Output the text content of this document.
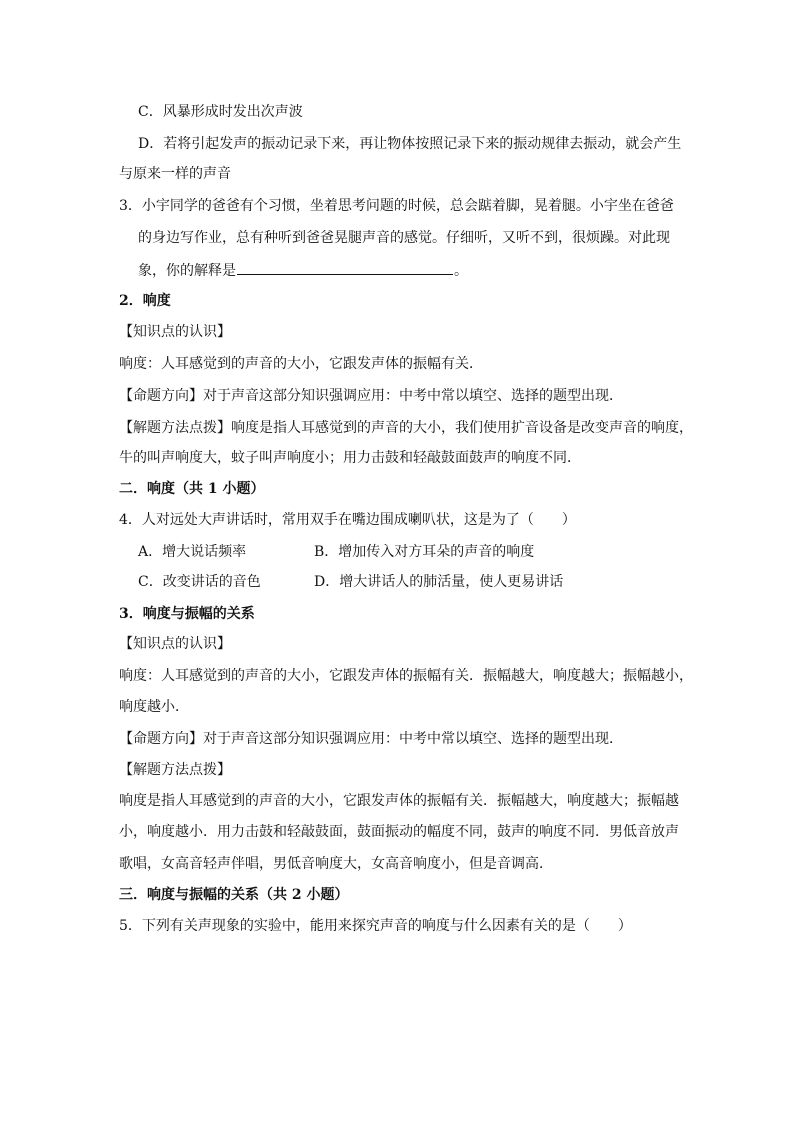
C．风暴形成时发出次声波
D．若将引起发声的振动记录下来，再让物体按照记录下来的振动规律去振动，就会产生
与原来一样的声音
3．小宇同学的爸爸有个习惯，坐着思考问题的时候，总会踮着脚，晃着腿。小宇坐在爸爸
的身边写作业，总有种听到爸爸晃腿声音的感觉。仔细听，又听不到，很烦躁。对此现
象，你的解释是	。
2．响度
【知识点的认识】
响度：人耳感觉到的声音的大小，它跟发声体的振幅有关．
【命题方向】对于声音这部分知识强调应用：中考中常以填空、选择的题型出现．
【解题方法点拨】响度是指人耳感觉到的声音的大小，我们使用扩音设备是改变声音的响度，
牛的叫声响度大，蚊子叫声响度小；用力击鼓和轻敲鼓面鼓声的响度不同．
二．响度（共 1 小题）
4．人对远处大声讲话时，常用双手在嘴边围成喇叭状，这是为了（　　）
A．增大说话频率	B．增加传入对方耳朵的声音的响度
C．改变讲话的音色	D．增大讲话人的肺活量，使人更易讲话
3．响度与振幅的关系
【知识点的认识】
响度：人耳感觉到的声音的大小，它跟发声体的振幅有关．振幅越大，响度越大；振幅越小，
响度越小．
【命题方向】对于声音这部分知识强调应用：中考中常以填空、选择的题型出现．
【解题方法点拨】
响度是指人耳感觉到的声音的大小，它跟发声体的振幅有关．振幅越大，响度越大；振幅越
小，响度越小．用力击鼓和轻敲鼓面，鼓面振动的幅度不同，鼓声的响度不同．男低音放声
歌唱，女高音轻声伴唱，男低音响度大，女高音响度小，但是音调高．
三．响度与振幅的关系（共 2 小题）
5．下列有关声现象的实验中，能用来探究声音的响度与什么因素有关的是（　　）
